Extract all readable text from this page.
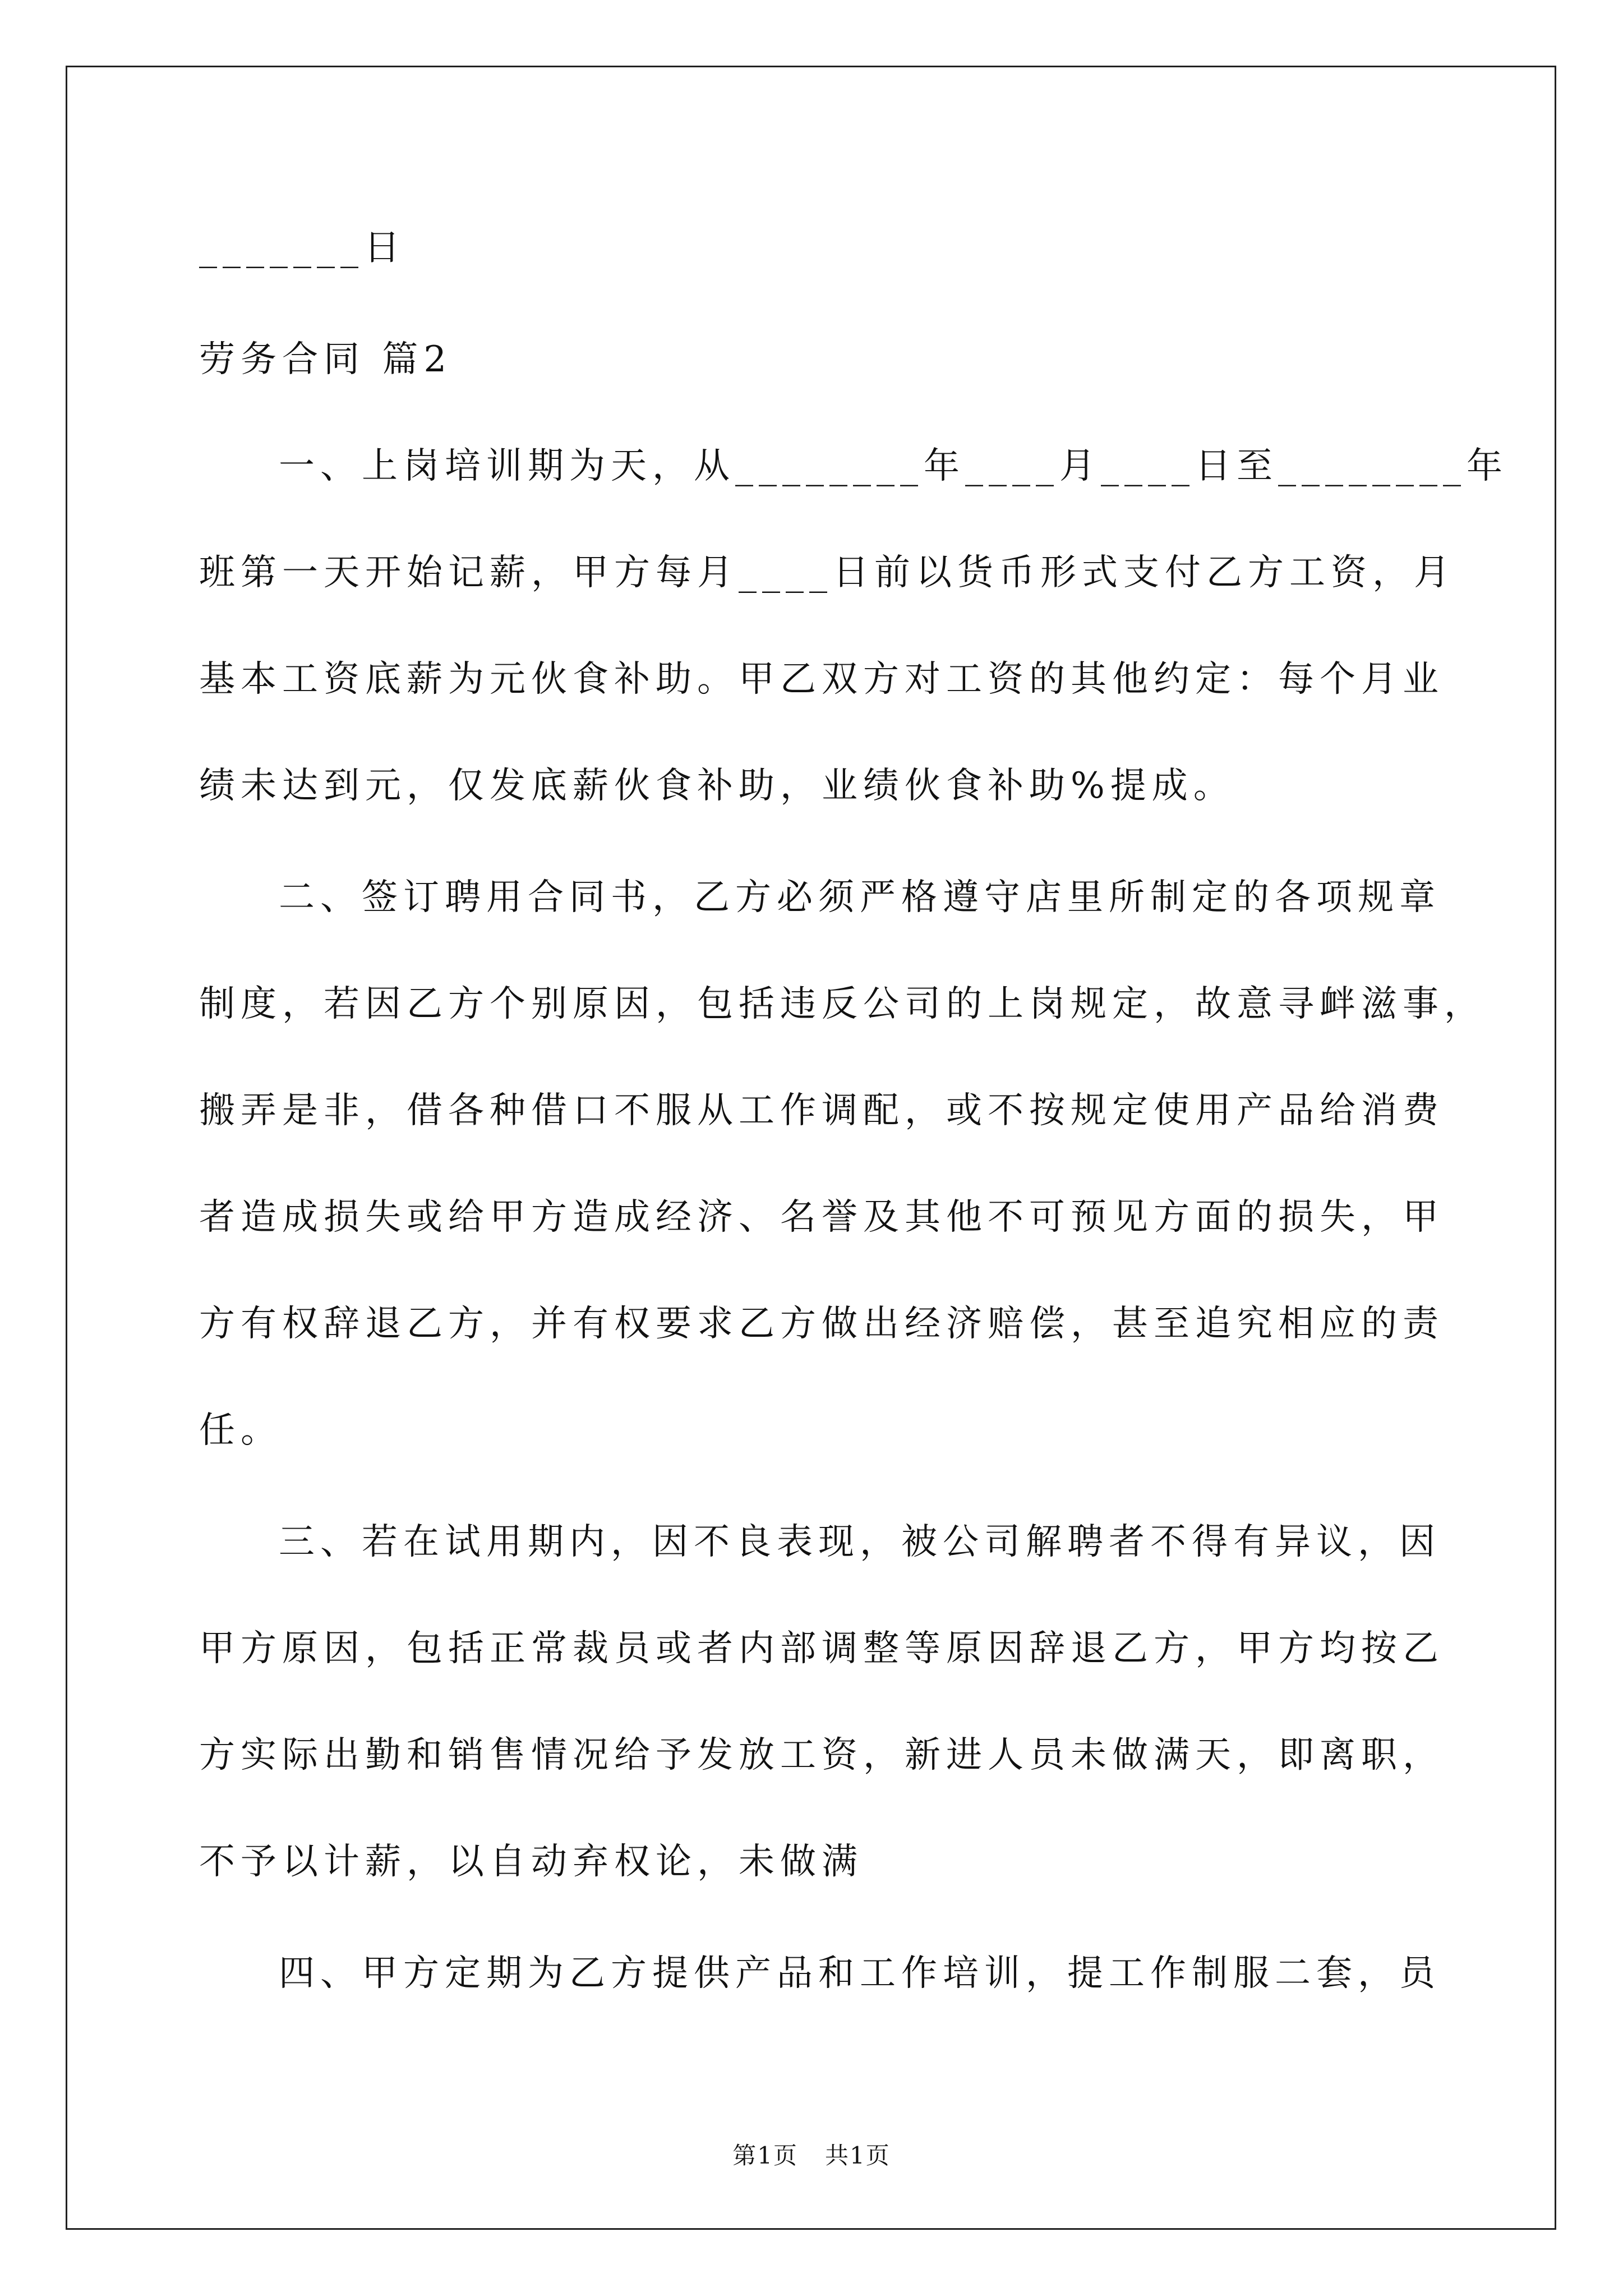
_______日
劳务合同 篇2
一、上岗培训期为天，从________年____月____日至________年
班第一天开始记薪，甲方每月____日前以货币形式支付乙方工资，月
基本工资底薪为元伙食补助。甲乙双方对工资的其他约定：每个月业
绩未达到元，仅发底薪伙食补助，业绩伙食补助%提成。
二、签订聘用合同书，乙方必须严格遵守店里所制定的各项规章
制度，若因乙方个别原因，包括违反公司的上岗规定，故意寻衅滋事，
搬弄是非，借各种借口不服从工作调配，或不按规定使用产品给消费
者造成损失或给甲方造成经济、名誉及其他不可预见方面的损失，甲
方有权辞退乙方，并有权要求乙方做出经济赔偿，甚至追究相应的责
任。
三、若在试用期内，因不良表现，被公司解聘者不得有异议，因
甲方原因，包括正常裁员或者内部调整等原因辞退乙方，甲方均按乙
方实际出勤和销售情况给予发放工资，新进人员未做满天，即离职，
不予以计薪，以自动弃权论，未做满
四、甲方定期为乙方提供产品和工作培训，提工作制服二套，员
第1页 共1页
